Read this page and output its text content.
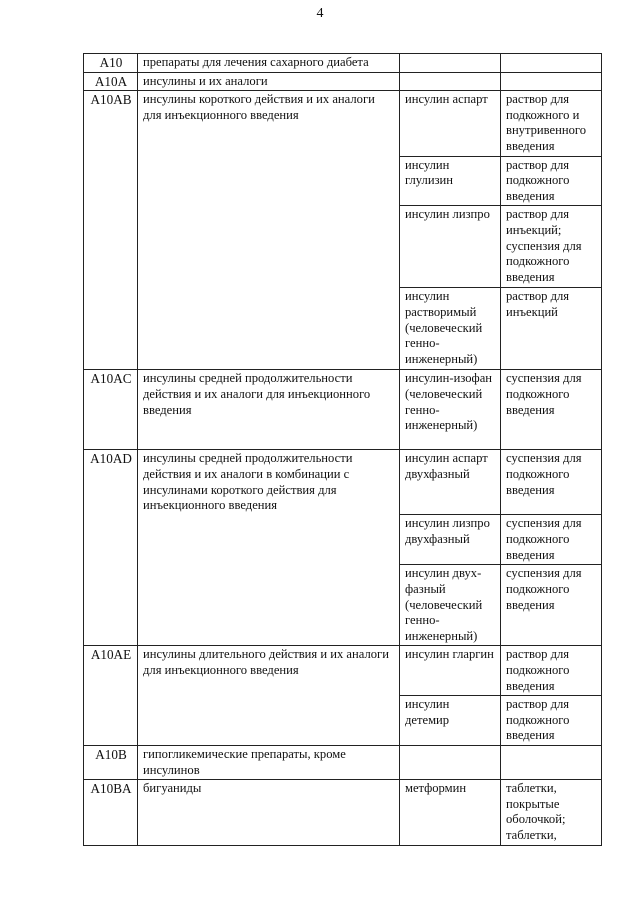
4
A10	препараты для лечения сахарного диабета		
A10A	инсулины и их аналоги		
A10AB	инсулины короткого действия и их аналоги для инъекционного введения	инсулин аспарт	раствор для подкожного и внутривенного введения
		инсулин глулизин	раствор для подкожного введения
		инсулин лизпро	раствор для инъекций; суспензия для подкожного введения
		инсулин растворимый (человеческий генно-инженерный)	раствор для инъекций
A10AC	инсулины средней продолжительности действия и их аналоги для инъекционного введения	инсулин-изофан (человеческий генно-инженерный)	суспензия для подкожного введения
A10AD	инсулины средней продолжительности действия и их аналоги в комбинации с инсулинами короткого действия для инъекционного введения	инсулин аспарт двухфазный	суспензия для подкожного введения
		инсулин лизпро двухфазный	суспензия для подкожного введения
		инсулин двух-фазный (человеческий генно-инженерный)	суспензия для подкожного введения
A10AE	инсулины длительного действия и их аналоги для инъекционного введения	инсулин гларгин	раствор для подкожного введения
		инсулин детемир	раствор для подкожного введения
A10B	гипогликемические препараты, кроме инсулинов		
A10BA	бигуаниды	метформин	таблетки, покрытые оболочкой; таблетки,
